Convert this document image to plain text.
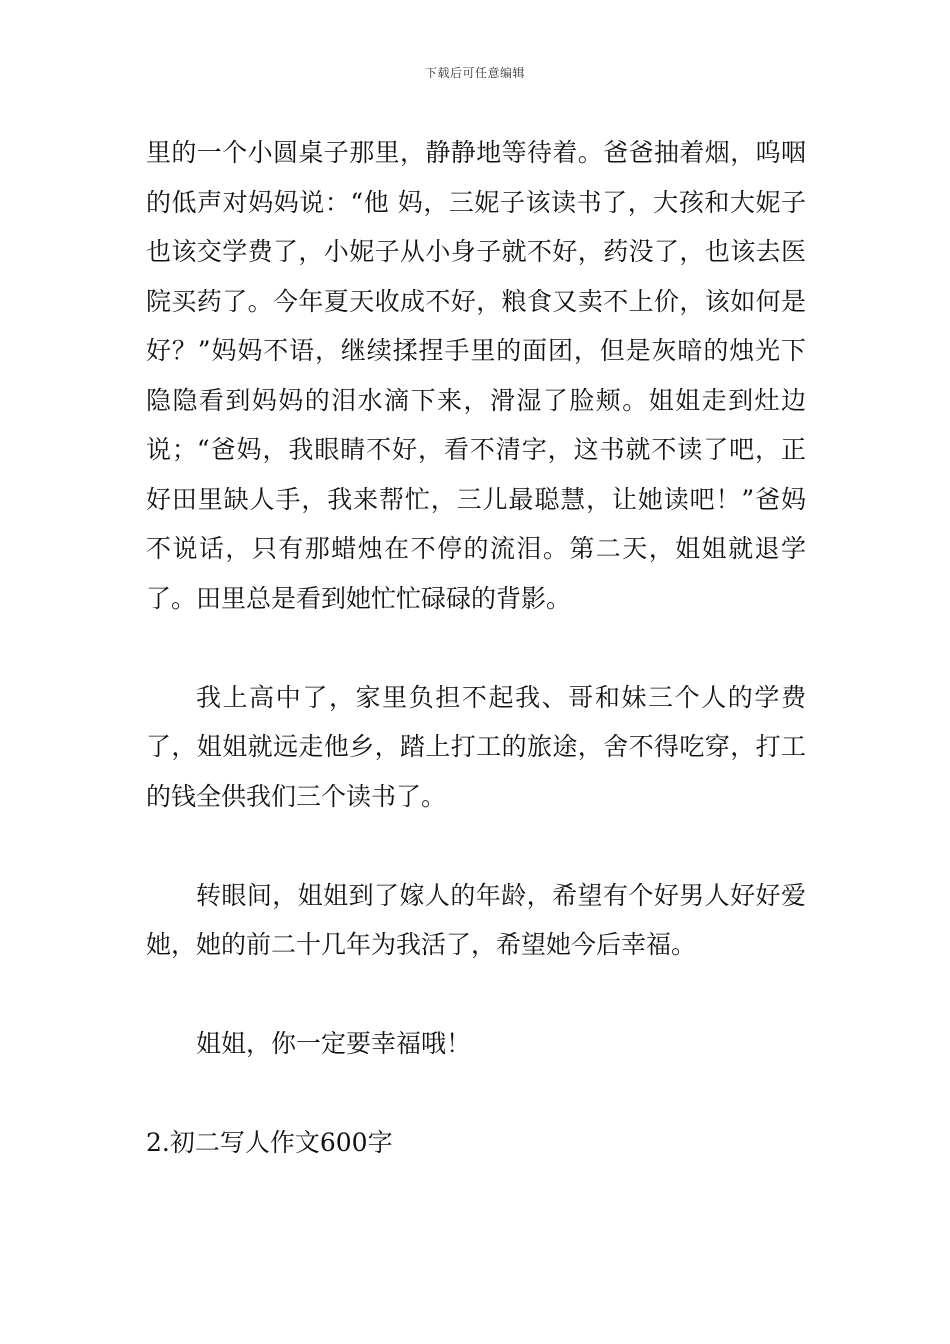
下载后可任意编辑

里的一个小圆桌子那里，静静地等待着。爸爸抽着烟，呜咽的低声对妈妈说：“他 妈，三妮子该读书了，大孩和大妮子也该交学费了，小妮子从小身子就不好，药没了，也该去医院买药了。今年夏天收成不好，粮食又卖不上价，该如何是好？”妈妈不语，继续揉捏手里的面团，但是灰暗的烛光下隐隐看到妈妈的泪水滴下来，滑湿了脸颊。姐姐走到灶边说；“爸妈，我眼睛不好，看不清字，这书就不读了吧，正好田里缺人手，我来帮忙，三儿最聪慧，让她读吧！”爸妈不说话，只有那蜡烛在不停的流泪。第二天，姐姐就退学了。田里总是看到她忙忙碌碌的背影。

我上高中了，家里负担不起我、哥和妹三个人的学费了，姐姐就远走他乡，踏上打工的旅途，舍不得吃穿，打工的钱全供我们三个读书了。

转眼间，姐姐到了嫁人的年龄，希望有个好男人好好爱她，她的前二十几年为我活了，希望她今后幸福。

姐姐，你一定要幸福哦！

2.初二写人作文600字
